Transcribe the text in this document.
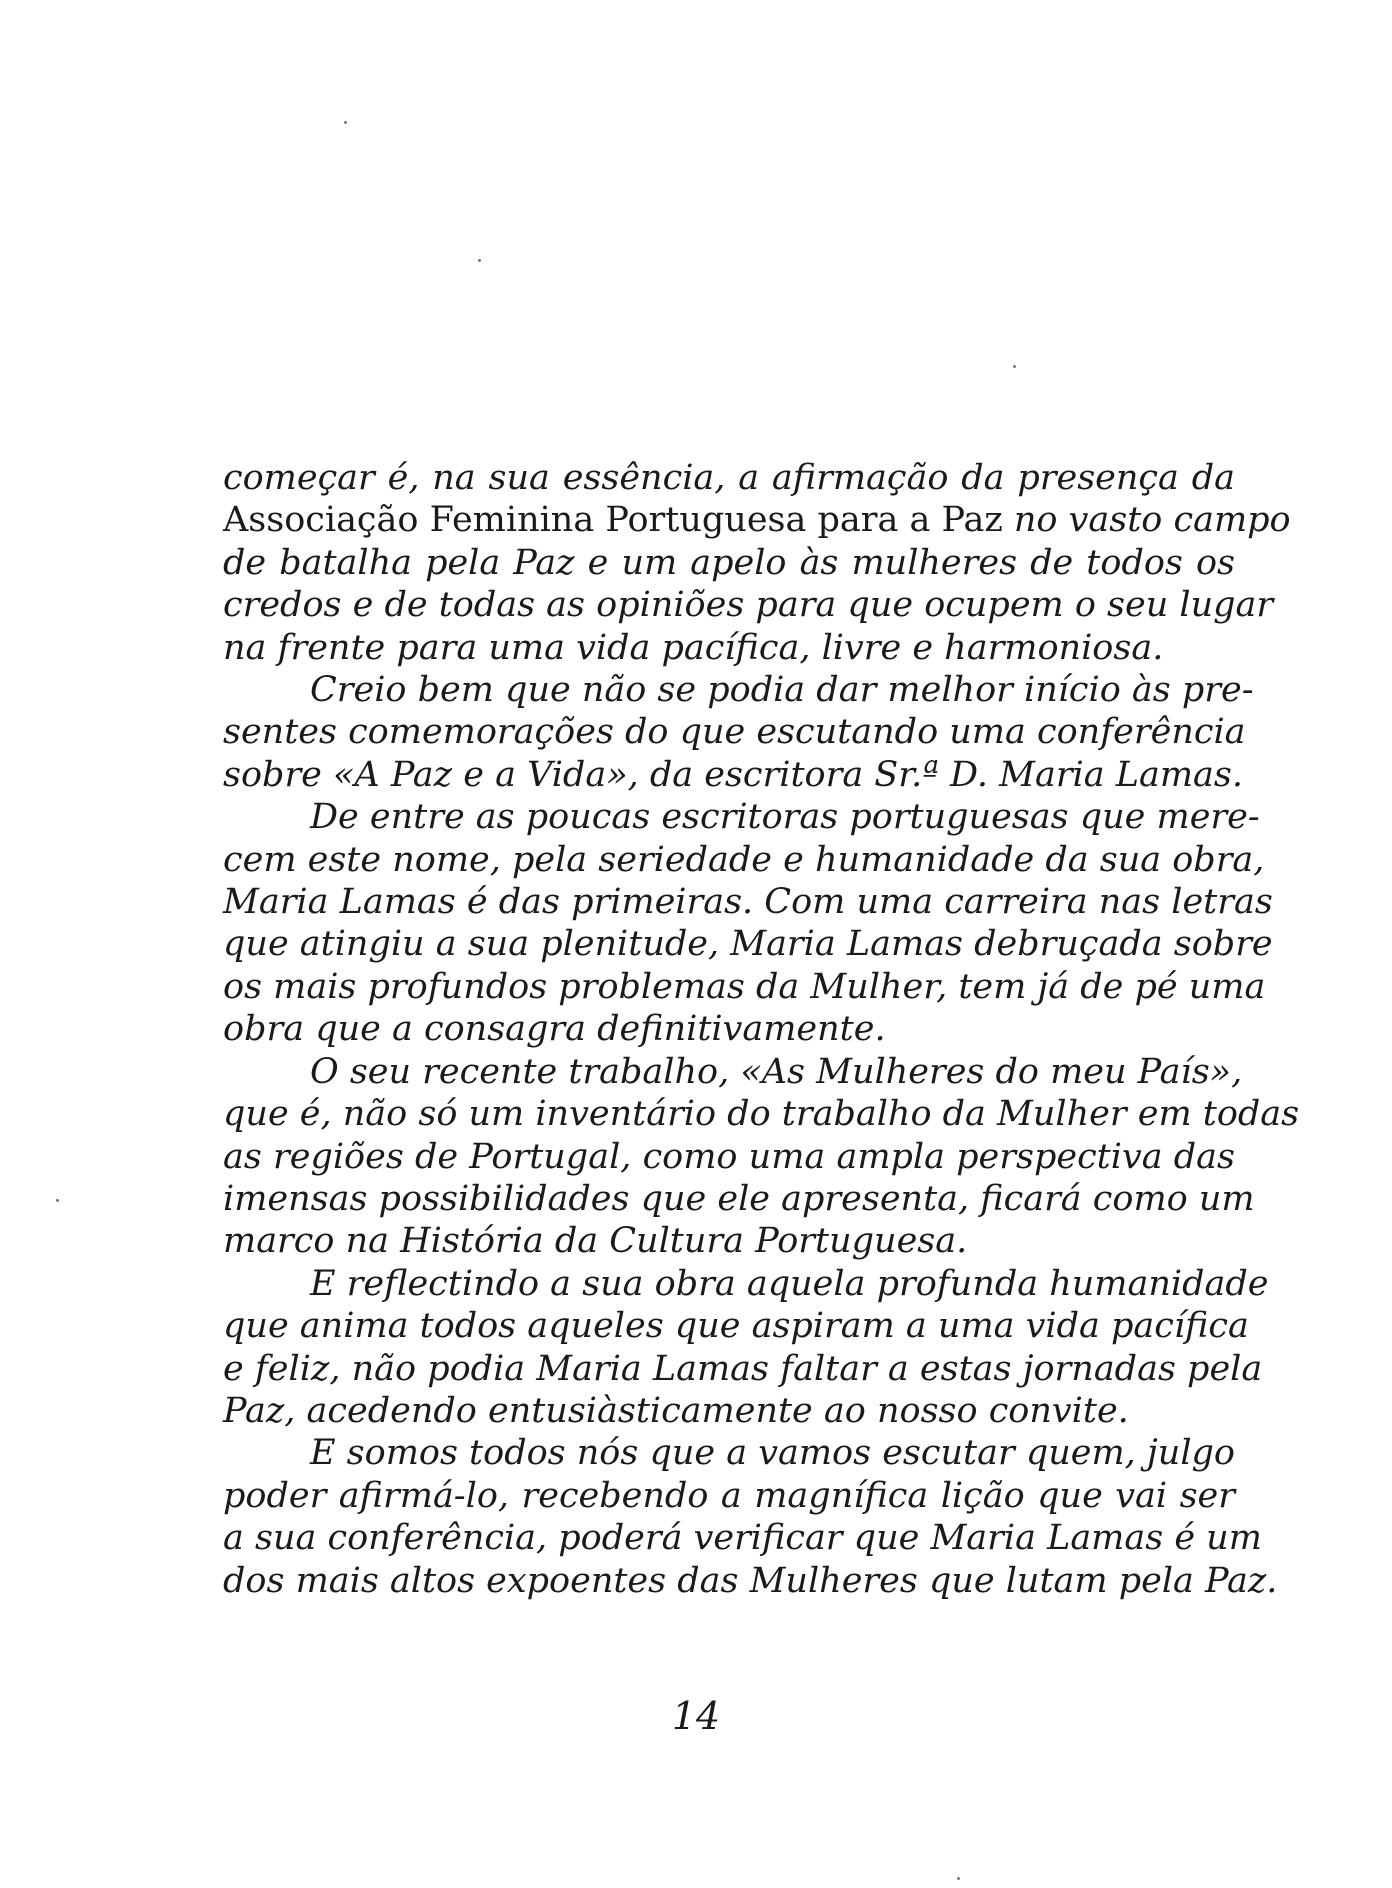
começar é, na sua essência, a afirmação da presença da
Associação Feminina Portuguesa para a Paz no vasto campo
de batalha pela Paz e um apelo às mulheres de todos os
credos e de todas as opiniões para que ocupem o seu lugar
na frente para uma vida pacífica, livre e harmoniosa.
Creio bem que não se podia dar melhor início às pre-
sentes comemorações do que escutando uma conferência
sobre «A Paz e a Vida», da escritora Sr.ª D. Maria Lamas.
De entre as poucas escritoras portuguesas que mere-
cem este nome, pela seriedade e humanidade da sua obra,
Maria Lamas é das primeiras. Com uma carreira nas letras
que atingiu a sua plenitude, Maria Lamas debruçada sobre
os mais profundos problemas da Mulher, tem já de pé uma
obra que a consagra definitivamente.
O seu recente trabalho, «As Mulheres do meu País»,
que é, não só um inventário do trabalho da Mulher em todas
as regiões de Portugal, como uma ampla perspectiva das
imensas possibilidades que ele apresenta, ficará como um
marco na História da Cultura Portuguesa.
E reflectindo a sua obra aquela profunda humanidade
que anima todos aqueles que aspiram a uma vida pacífica
e feliz, não podia Maria Lamas faltar a estas jornadas pela
Paz, acedendo entusiàsticamente ao nosso convite.
E somos todos nós que a vamos escutar quem, julgo
poder afirmá-lo, recebendo a magnífica lição que vai ser
a sua conferência, poderá verificar que Maria Lamas é um
dos mais altos expoentes das Mulheres que lutam pela Paz.
14
